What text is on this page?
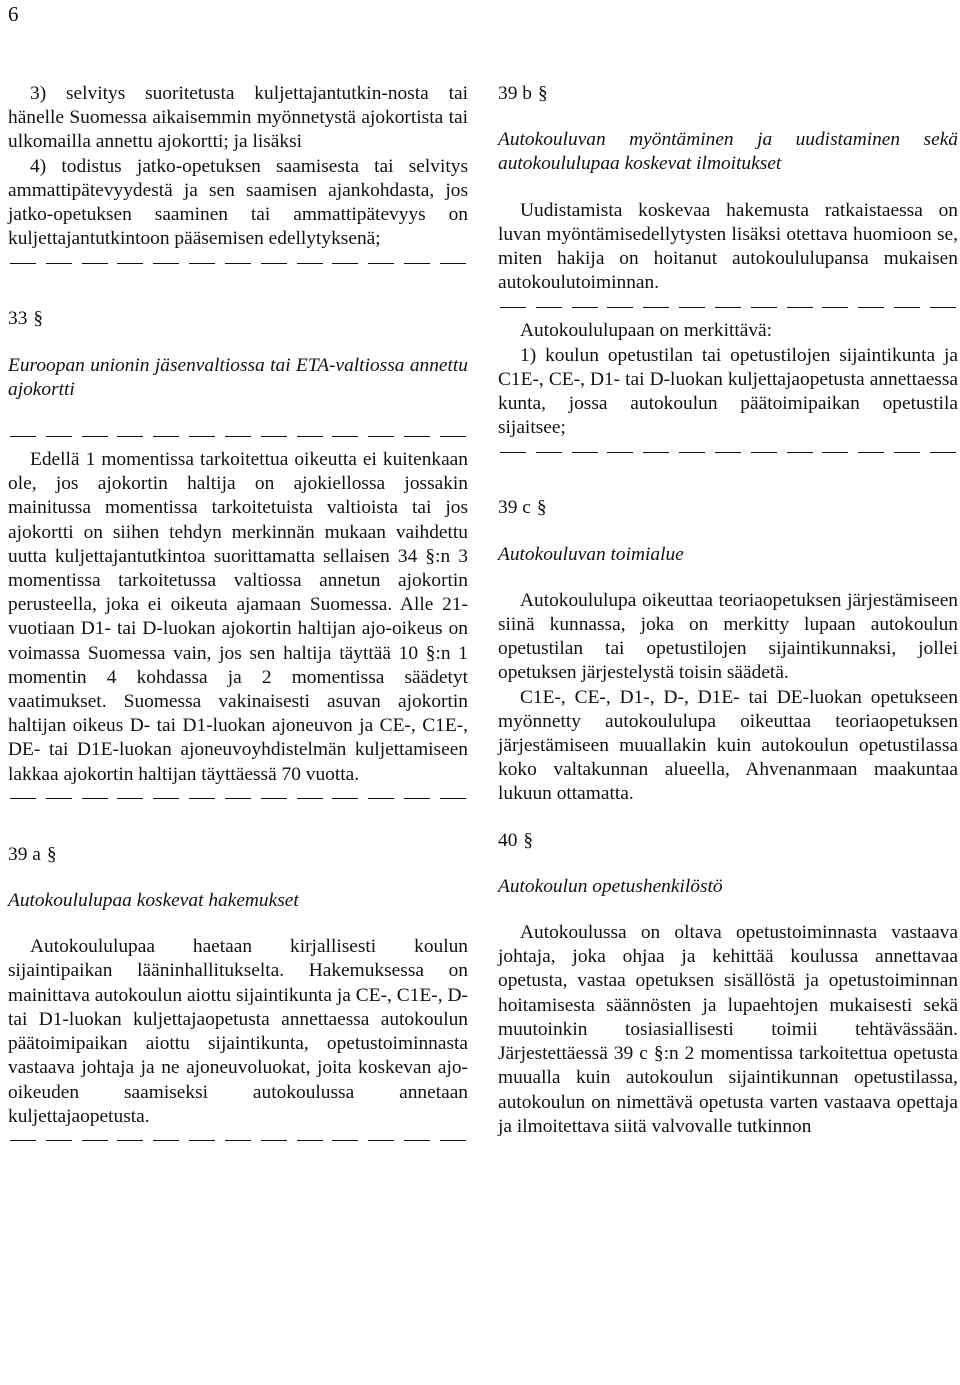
6

3) selvitys suoritetusta kuljettajantutkin-nosta tai hänelle Suomessa aikaisemmin myönnetystä ajokortista tai ulkomailla annettu ajokortti; ja lisäksi

4) todistus jatko-opetuksen saamisesta tai selvitys ammattipätevyydestä ja sen saamisen ajankohdasta, jos jatko-opetuksen saaminen tai ammattipätevyys on kuljettajantutkintoon pääsemisen edellytyksenä;

33 §

Euroopan unionin jäsenvaltiossa tai ETA-valtiossa annettu ajokortti

Edellä 1 momentissa tarkoitettua oikeutta ei kuitenkaan ole, jos ajokortin haltija on ajokiellossa jossakin mainitussa momentissa tarkoitetuista valtioista tai jos ajokortti on siihen tehdyn merkinnän mukaan vaihdettu uutta kuljettajantutkintoa suorittamatta sellaisen 34 §:n 3 momentissa tarkoitetussa valtiossa annetun ajokortin perusteella, joka ei oikeuta ajamaan Suomessa. Alle 21-vuotiaan D1- tai D-luokan ajokortin haltijan ajo-oikeus on voimassa Suomessa vain, jos sen haltija täyttää 10 §:n 1 momentin 4 kohdassa ja 2 momentissa säädetyt vaatimukset. Suomessa vakinaisesti asuvan ajokortin haltijan oikeus D- tai D1-luokan ajoneuvon ja CE-, C1E-, DE- tai D1E-luokan ajoneuvoyhdistelmän kuljettamiseen lakkaa ajokortin haltijan täyttäessä 70 vuotta.

39 a §

Autokoululupaa koskevat hakemukset

Autokoululupaa haetaan kirjallisesti koulun sijaintipaikan lääninhallitukselta. Hakemuksessa on mainittava autokoulun aiottu sijaintikunta ja CE-, C1E-, D- tai D1-luokan kuljettajaopetusta annettaessa autokoulun päätoimipaikan aiottu sijaintikunta, opetustoiminnasta vastaava johtaja ja ne ajoneuvoluokat, joita koskevan ajo-oikeuden saamiseksi autokoulussa annetaan kuljettajaopetusta.

39 b §

Autokouluvan myöntäminen ja uudistaminen sekä autokoululupaa koskevat ilmoitukset

Uudistamista koskevaa hakemusta ratkaistaessa on luvan myöntämisedellytysten lisäksi otettava huomioon se, miten hakija on hoitanut autokoululupansa mukaisen autokoulutoiminnan.

Autokoululupaan on merkittävä:

1) koulun opetustilan tai opetustilojen sijaintikunta ja C1E-, CE-, D1- tai D-luokan kuljettajaopetusta annettaessa kunta, jossa autokoulun päätoimipaikan opetustila sijaitsee;

39 c §

Autokouluvan toimialue

Autokoululupa oikeuttaa teoriaopetuksen järjestämiseen siinä kunnassa, joka on merkitty lupaan autokoulun opetustilan tai opetustilojen sijaintikunnaksi, jollei opetuksen järjestelystä toisin säädetä.

C1E-, CE-, D1-, D-, D1E- tai DE-luokan opetukseen myönnetty autokoululupa oikeuttaa teoriaopetuksen järjestämiseen muuallakin kuin autokoulun opetustilassa koko valtakunnan alueella, Ahvenanmaan maakuntaa lukuun ottamatta.

40 §

Autokoulun opetushenkilöstö

Autokoulussa on oltava opetustoiminnasta vastaava johtaja, joka ohjaa ja kehittää koulussa annettavaa opetusta, vastaa opetuksen sisällöstä ja opetustoiminnan hoitamisesta säännösten ja lupaehtojen mukaisesti sekä muutoinkin tosiasiallisesti toimii tehtävässään. Järjestettäessä 39 c §:n 2 momentissa tarkoitettua opetusta muualla kuin autokoulun sijaintikunnan opetustilassa, autokoulun on nimettävä opetusta varten vastaava opettaja ja ilmoitettava siitä valvovalle tutkinnon
